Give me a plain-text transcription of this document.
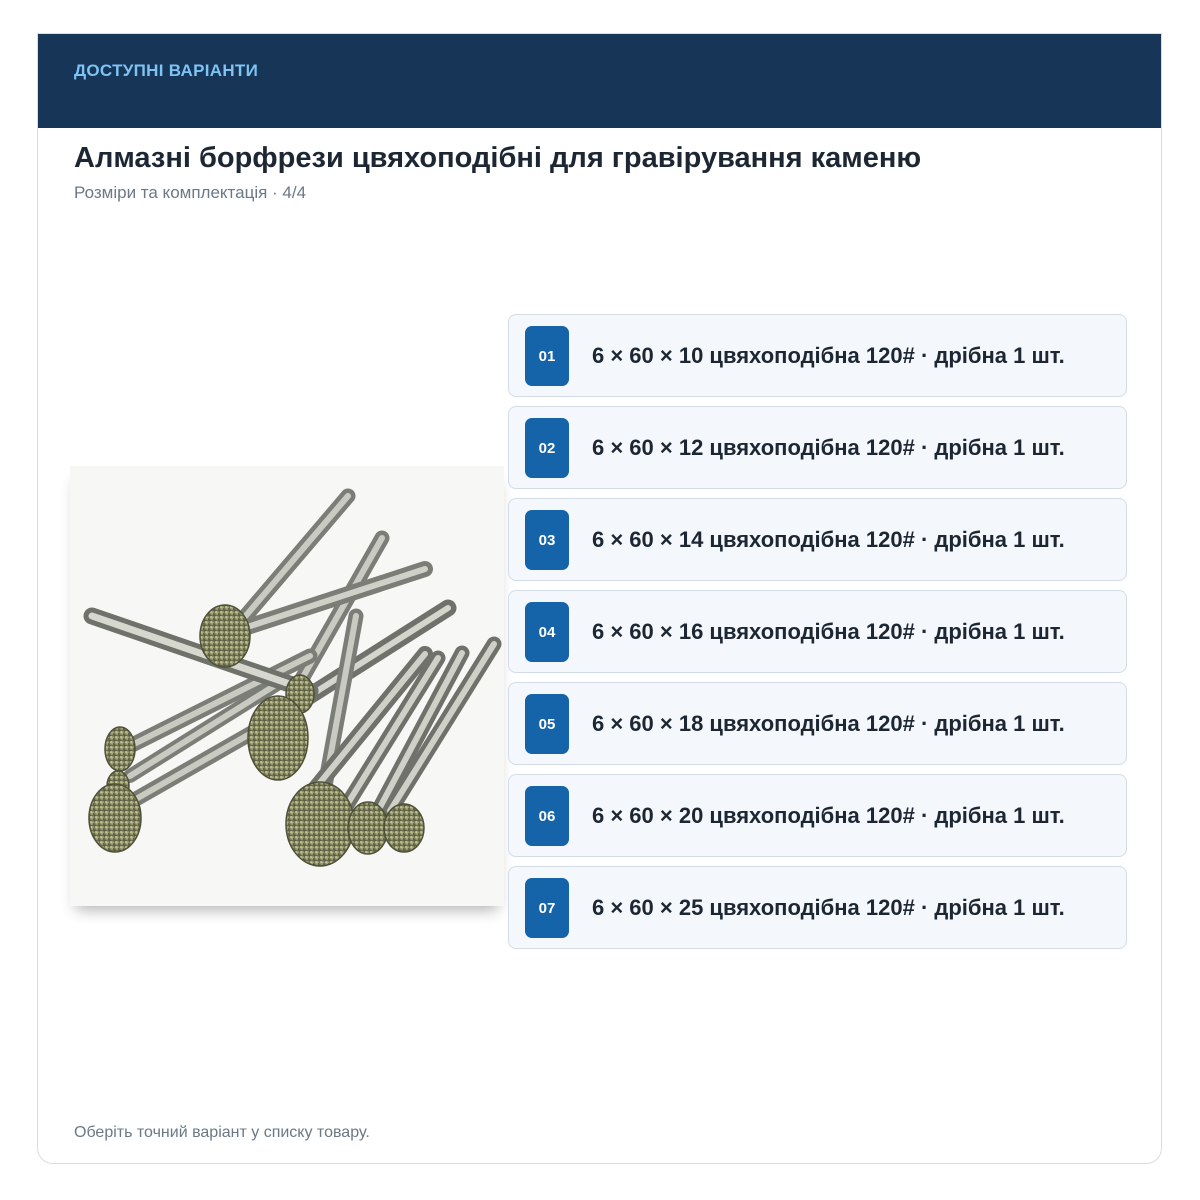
ДОСТУПНІ ВАРІАНТИ
Алмазні борфрези цвяхоподібні для гравірування каменю
Розміри та комплектація · 4/4
01	6 × 60 × 10 цвяхоподібна 120# · дрібна 1 шт.
02	6 × 60 × 12 цвяхоподібна 120# · дрібна 1 шт.
03	6 × 60 × 14 цвяхоподібна 120# · дрібна 1 шт.
04	6 × 60 × 16 цвяхоподібна 120# · дрібна 1 шт.
05	6 × 60 × 18 цвяхоподібна 120# · дрібна 1 шт.
06	6 × 60 × 20 цвяхоподібна 120# · дрібна 1 шт.
07	6 × 60 × 25 цвяхоподібна 120# · дрібна 1 шт.
Оберіть точний варіант у списку товару.
